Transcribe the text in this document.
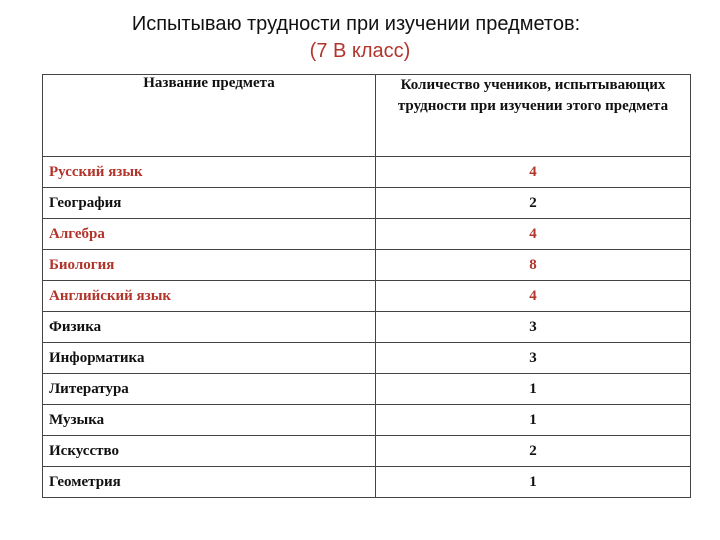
Испытываю трудности при изучении предметов:
(7 В класс)
Название предмета	Количество учеников, испытывающих трудности при изучении этого предмета
Русский язык	4
География	2
Алгебра	4
Биология	8
Английский язык	4
Физика	3
Информатика	3
Литература	1
Музыка	1
Искусство	2
Геометрия	1
